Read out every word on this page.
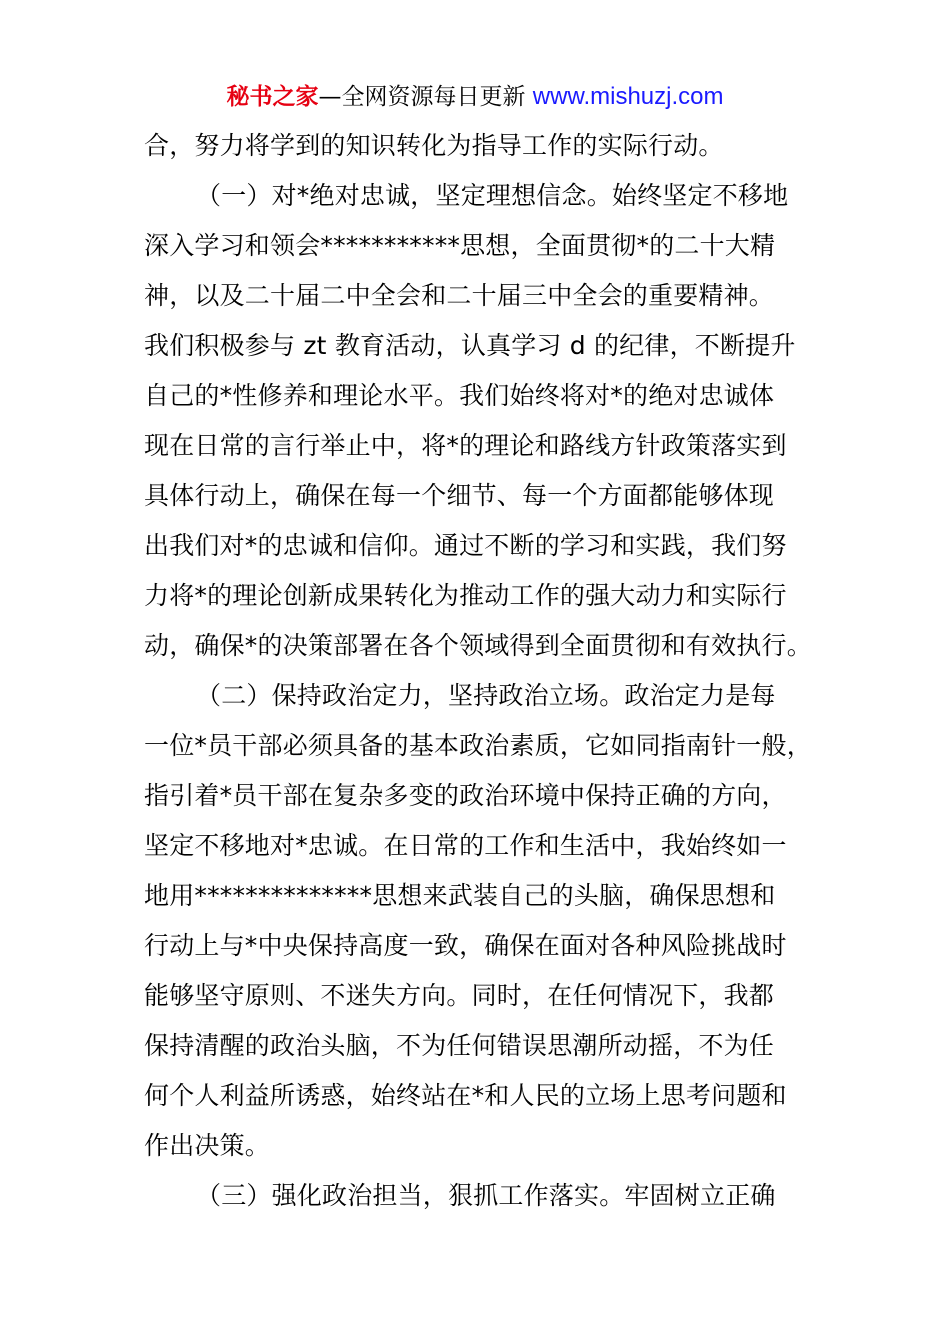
秘书之家—全网资源每日更新 www.mishuzj.com
合，努力将学到的知识转化为指导工作的实际行动。
（一）对*绝对忠诚，坚定理想信念。始终坚定不移地
深入学习和领会***********思想，全面贯彻*的二十大精
神，以及二十届二中全会和二十届三中全会的重要精神。
我们积极参与 zt 教育活动，认真学习 d 的纪律，不断提升
自己的*性修养和理论水平。我们始终将对*的绝对忠诚体
现在日常的言行举止中，将*的理论和路线方针政策落实到
具体行动上，确保在每一个细节、每一个方面都能够体现
出我们对*的忠诚和信仰。通过不断的学习和实践，我们努
力将*的理论创新成果转化为推动工作的强大动力和实际行
动，确保*的决策部署在各个领域得到全面贯彻和有效执行。
（二）保持政治定力，坚持政治立场。政治定力是每
一位*员干部必须具备的基本政治素质，它如同指南针一般，
指引着*员干部在复杂多变的政治环境中保持正确的方向，
坚定不移地对*忠诚。在日常的工作和生活中，我始终如一
地用**************思想来武装自己的头脑，确保思想和
行动上与*中央保持高度一致，确保在面对各种风险挑战时
能够坚守原则、不迷失方向。同时，在任何情况下，我都
保持清醒的政治头脑，不为任何错误思潮所动摇，不为任
何个人利益所诱惑，始终站在*和人民的立场上思考问题和
作出决策。
（三）强化政治担当，狠抓工作落实。牢固树立正确
